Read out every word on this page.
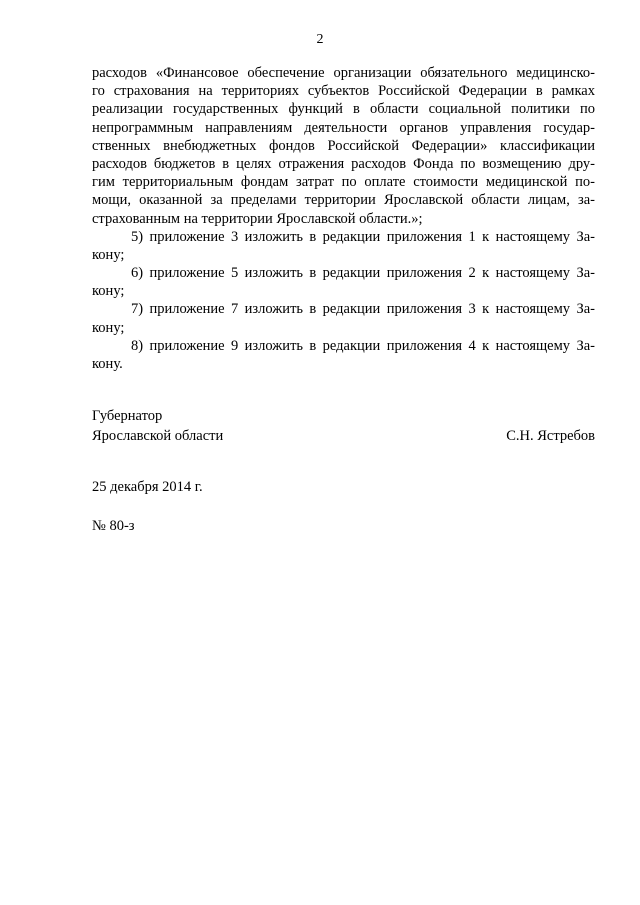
2
расходов «Финансовое обеспечение организации обязательного медицинско-
го страхования на территориях субъектов Российской Федерации в рамках
реализации государственных функций в области социальной политики по
непрограммным направлениям деятельности органов управления государ-
ственных внебюджетных фондов Российской Федерации» классификации
расходов бюджетов в целях отражения расходов Фонда по возмещению дру-
гим территориальным фондам затрат по оплате стоимости медицинской по-
мощи, оказанной за пределами территории Ярославской области лицам, за-
страхованным на территории Ярославской области.»;
5) приложение 3 изложить в редакции приложения 1 к настоящему За-
кону;
6) приложение 5 изложить в редакции приложения 2 к настоящему За-
кону;
7) приложение 7 изложить в редакции приложения 3 к настоящему За-
кону;
8) приложение 9 изложить в редакции приложения 4 к настоящему За-
кону.
Губернатор
Ярославской области	С.Н. Ястребов
25 декабря 2014 г.
№ 80-з
